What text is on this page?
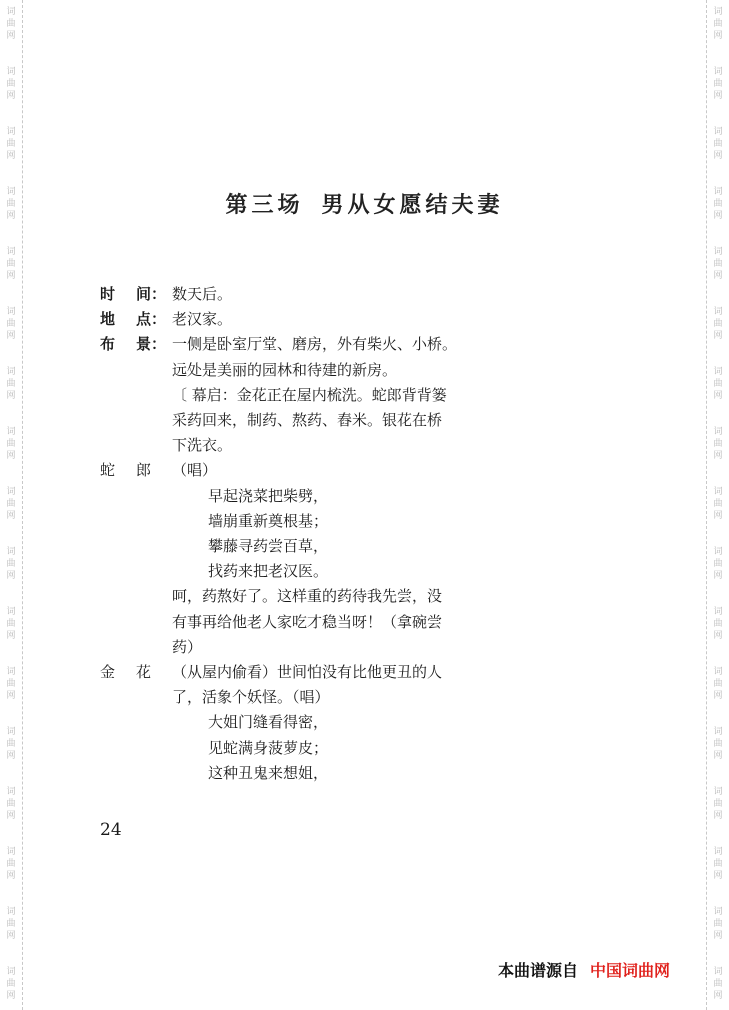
词
曲
网
词
曲
网
词
曲
网
词
曲
网
词
曲
网
词
曲
网
词
曲
网
词
曲
网
词
曲
网
词
曲
网
词
曲
网
词
曲
网
词
曲
网
词
曲
网
词
曲
网
词
曲
网
词
曲
网
词
曲
网
词
曲
网
词
曲
网
词
曲
网
词
曲
网
词
曲
网
词
曲
网
词
曲
网
词
曲
网
词
曲
网
词
曲
网
词
曲
网
词
曲
网
词
曲
网
词
曲
网
词
曲
网
词
曲
网
第三场 男从女愿结夫妻
时 间： 数天后。
地 点： 老汉家。
布 景： 一侧是卧室厅堂、磨房，外有柴火、小桥。
远处是美丽的园林和待建的新房。
〔 幕启：金花正在屋内梳洗。蛇郎背背篓
采药回来，制药、熬药、舂米。银花在桥
下洗衣。
蛇 郎	（唱）
早起浇菜把柴劈，
墙崩重新奠根基；
攀藤寻药尝百草，
找药来把老汉医。
呵，药熬好了。这样重的药待我先尝，没
有事再给他老人家吃才稳当呀！（拿碗尝
药）
金 花	（从屋内偷看）世间怕没有比他更丑的人
了，活象个妖怪。（唱）
大姐门缝看得密，
见蛇满身菠萝皮；
这种丑鬼来想姐，
24
本曲谱源自 中国词曲网
